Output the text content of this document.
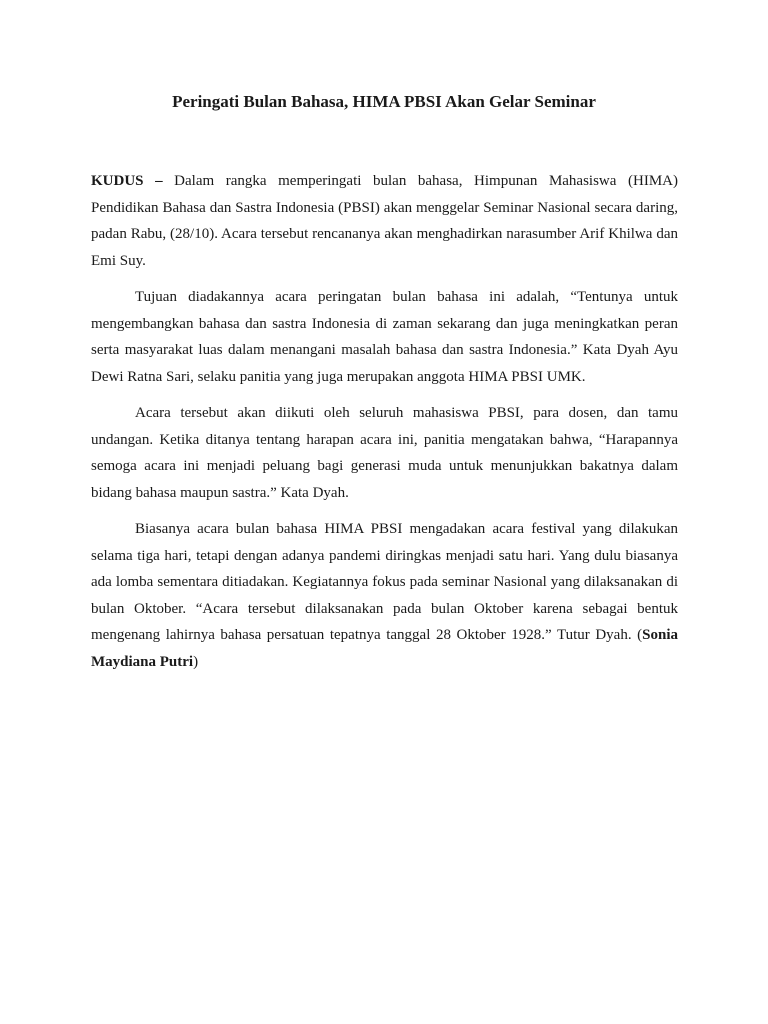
Peringati Bulan Bahasa, HIMA PBSI Akan Gelar Seminar

KUDUS – Dalam rangka memperingati bulan bahasa, Himpunan Mahasiswa (HIMA) Pendidikan Bahasa dan Sastra Indonesia (PBSI) akan menggelar Seminar Nasional secara daring, padan Rabu, (28/10). Acara tersebut rencananya akan menghadirkan narasumber Arif Khilwa dan Emi Suy.

Tujuan diadakannya acara peringatan bulan bahasa ini adalah, “Tentunya untuk mengembangkan bahasa dan sastra Indonesia di zaman sekarang dan juga meningkatkan peran serta masyarakat luas dalam menangani masalah bahasa dan sastra Indonesia.” Kata Dyah Ayu Dewi Ratna Sari, selaku panitia yang juga merupakan anggota HIMA PBSI UMK.

Acara tersebut akan diikuti oleh seluruh mahasiswa PBSI, para dosen, dan tamu undangan. Ketika ditanya tentang harapan acara ini, panitia mengatakan bahwa, “Harapannya semoga acara ini menjadi peluang bagi generasi muda untuk menunjukkan bakatnya dalam bidang bahasa maupun sastra.” Kata Dyah.

Biasanya acara bulan bahasa HIMA PBSI mengadakan acara festival yang dilakukan selama tiga hari, tetapi dengan adanya pandemi diringkas menjadi satu hari. Yang dulu biasanya ada lomba sementara ditiadakan. Kegiatannya fokus pada seminar Nasional yang dilaksanakan di bulan Oktober. “Acara tersebut dilaksanakan pada bulan Oktober karena sebagai bentuk mengenang lahirnya bahasa persatuan tepatnya tanggal 28 Oktober 1928.” Tutur Dyah. (Sonia Maydiana Putri)
